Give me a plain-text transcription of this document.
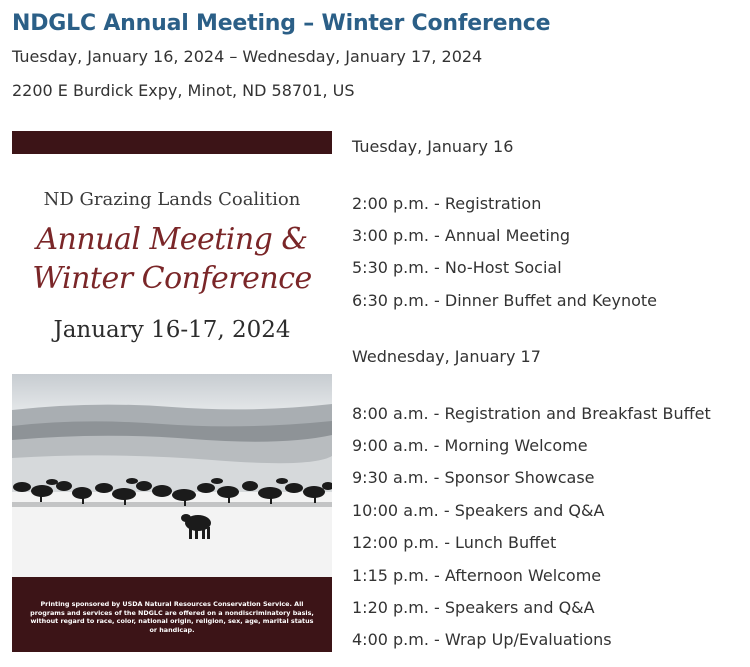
NDGLC Annual Meeting – Winter Conference
Tuesday, January 16, 2024 – Wednesday, January 17, 2024
2200 E Burdick Expy, Minot, ND 58701, US
ND Grazing Lands Coalition
Annual Meeting &
Winter Conference
January 16-17, 2024
Printing sponsored by USDA Natural Resources Conservation Service. All programs and services of the NDGLC are offered on a nondiscriminatory basis, without regard to race, color, national origin, religion, sex, age, marital status or handicap.
Tuesday, January 16
2:00 p.m. - Registration
3:00 p.m. - Annual Meeting
5:30 p.m. - No-Host Social
6:30 p.m. - Dinner Buffet and Keynote
Wednesday, January 17
8:00 a.m. - Registration and Breakfast Buffet
9:00 a.m. - Morning Welcome
9:30 a.m. - Sponsor Showcase
10:00 a.m. - Speakers and Q&A
12:00 p.m. - Lunch Buffet
1:15 p.m. - Afternoon Welcome
1:20 p.m. - Speakers and Q&A
4:00 p.m. - Wrap Up/Evaluations
